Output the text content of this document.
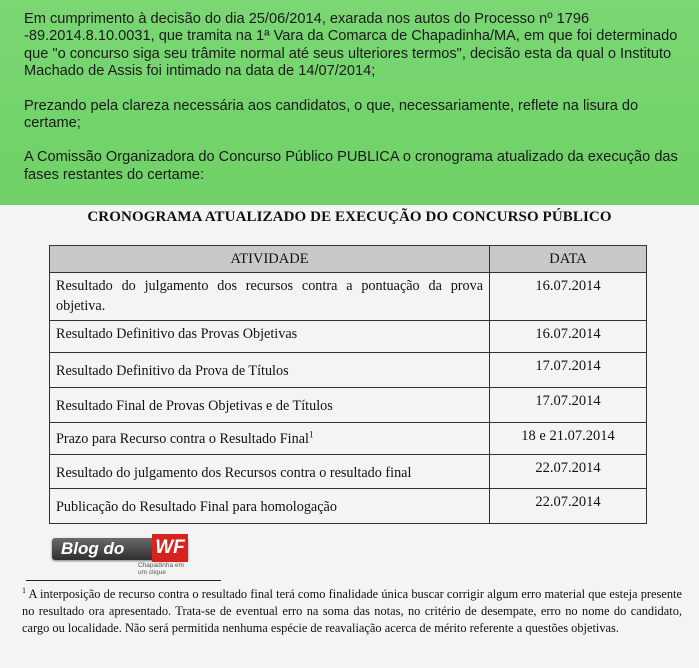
Em cumprimento à decisão do dia 25/06/2014, exarada nos autos do Processo nº 1796 -89.2014.8.10.0031, que tramita na 1ª Vara da Comarca de Chapadinha/MA, em que foi determinado que "o concurso siga seu trâmite normal até seus ulteriores termos", decisão esta da qual o Instituto Machado de Assis foi intimado na data de 14/07/2014;

Prezando pela clareza necessária aos candidatos, o que, necessariamente, reflete na lisura do certame;

A Comissão Organizadora do Concurso Público PUBLICA o cronograma atualizado da execução das fases restantes do certame:

CRONOGRAMA ATUALIZADO DE EXECUÇÃO DO CONCURSO PÚBLICO
ATIVIDADE	DATA
Resultado do julgamento dos recursos contra a pontuação da prova objetiva.	16.07.2014
Resultado Definitivo das Provas Objetivas	16.07.2014
Resultado Definitivo da Prova de Títulos	17.07.2014
Resultado Final de Provas Objetivas e de Títulos	17.07.2014
Prazo para Recurso contra o Resultado Final$^1$	18 e 21.07.2014
Resultado do julgamento dos Recursos contra o resultado final	22.07.2014
Publicação do Resultado Final para homologação	22.07.2014
Blog do WF
Chapadinha em um clique
$^1$ A interposição de recurso contra o resultado final terá como finalidade única buscar corrigir algum erro material que esteja presente no resultado ora apresentado. Trata-se de eventual erro na soma das notas, no critério de desempate, erro no nome do candidato, cargo ou localidade. Não será permitida nenhuma espécie de reavaliação acerca de mérito referente a questões objetivas.
